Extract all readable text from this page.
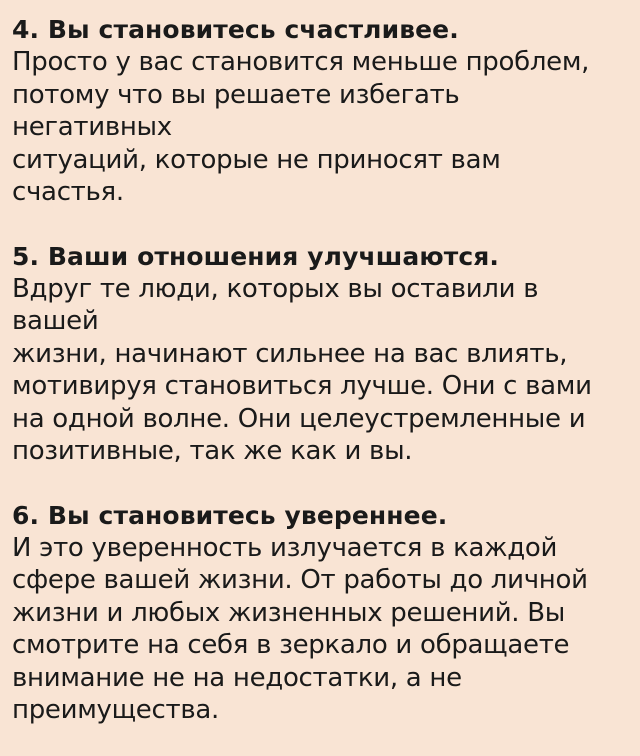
4. Вы становитесь счастливее.

Просто у вас становится меньше проблем,
потому что вы решаете избегать негативных
ситуаций, которые не приносят вам
счастья.

5. Ваши отношения улучшаются.

Вдруг те люди, которых вы оставили в вашей
жизни, начинают сильнее на вас влиять,
мотивируя становиться лучше. Они с вами
на одной волне. Они целеустремленные и
позитивные, так же как и вы.

6. Вы становитесь увереннее.

И это уверенность излучается в каждой
сфере вашей жизни. От работы до личной
жизни и любых жизненных решений. Вы
смотрите на себя в зеркало и обращаете
внимание не на недостатки, а не
преимущества.
